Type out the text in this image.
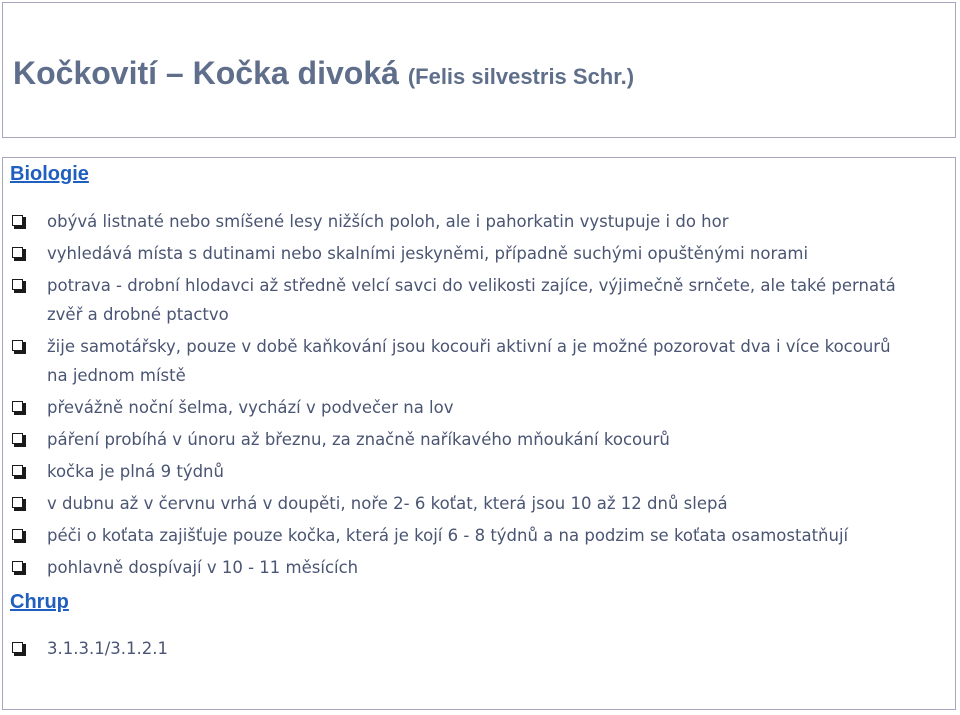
Kočkovití – Kočka divoká (Felis silvestris Schr.)
Biologie
obývá listnaté nebo smíšené lesy nižších poloh, ale i pahorkatin vystupuje i do hor
vyhledává místa s dutinami nebo skalními jeskyněmi, případně suchými opuštěnými norami
potrava - drobní hlodavci až středně velcí savci do velikosti zajíce, výjimečně srnčete, ale také pernatá zvěř a drobné ptactvo
žije samotářsky, pouze v době kaňkování jsou kocouři aktivní a je možné pozorovat dva i více kocourů na jednom místě
převážně noční šelma, vychází v podvečer na lov
páření probíhá v únoru až březnu, za značně naříkavého mňoukání kocourů
kočka je plná 9 týdnů
v dubnu až v červnu vrhá v doupěti, noře 2- 6 koťat, která jsou 10 až 12 dnů slepá
péči o koťata zajišťuje pouze kočka, která je kojí 6 - 8 týdnů a na podzim se koťata osamostatňují
pohlavně dospívají v 10 - 11 měsících
Chrup
3.1.3.1/3.1.2.1
